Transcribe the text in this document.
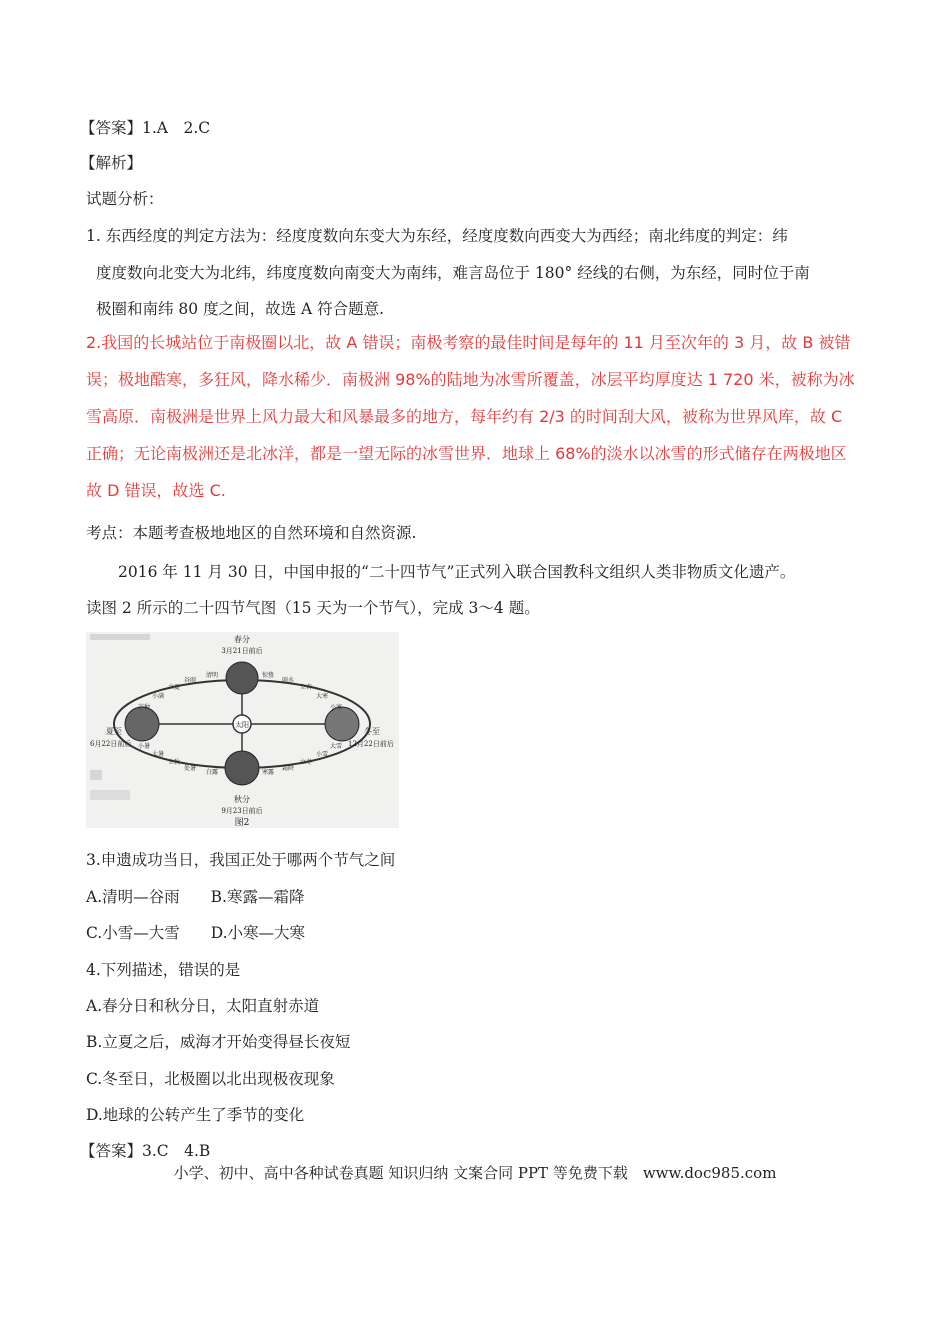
【答案】1.A　2.C
【解析】
试题分析：
1. 东西经度的判定方法为：经度度数向东变大为东经，经度度数向西变大为西经；南北纬度的判定：纬
度度数向北变大为北纬，纬度度数向南变大为南纬，难言岛位于 180° 经线的右侧，为东经，同时位于南
极圈和南纬 80 度之间，故选 A 符合题意.
2.我国的长城站位于南极圈以北，故 A 错误；南极考察的最佳时间是每年的 11 月至次年的 3 月，故 B 被错
误；极地酷寒，多狂风，降水稀少．南极洲 98%的陆地为冰雪所覆盖，冰层平均厚度达 1 720 米，被称为冰
雪高原．南极洲是世界上风力最大和风暴最多的地方，每年约有 2/3 的时间刮大风，被称为世界风库，故 C
正确；无论南极洲还是北冰洋，都是一望无际的冰雪世界．地球上 68%的淡水以冰雪的形式储存在两极地区
故 D 错误，故选 C.
考点：本题考查极地地区的自然环境和自然资源.
2016 年 11 月 30 日，中国申报的“二十四节气”正式列入联合国教科文组织人类非物质文化遗产。
读图 2 所示的二十四节气图（15 天为一个节气），完成 3～4 题。
太阳
春分
3月21日前后
夏至
6月22日前后
秋分
9月23日前后
冬至
12月22日前后
清明
谷雨
立夏
小满
芒种
惊蛰
雨水
立春
大寒
小寒
小暑
大暑
立秋
处暑
白露	寒露
霜降
立冬
小雪
大雪
图2
3.申遗成功当日，我国正处于哪两个节气之间
A.清明—谷雨　　B.寒露—霜降
C.小雪—大雪　　D.小寒—大寒
4.下列描述，错误的是
A.春分日和秋分日，太阳直射赤道
B.立夏之后，威海才开始变得昼长夜短
C.冬至日，北极圈以北出现极夜现象
D.地球的公转产生了季节的变化
【答案】3.C　4.B
小学、初中、高中各种试卷真题 知识归纳 文案合同 PPT 等免费下载　www.doc985.com
